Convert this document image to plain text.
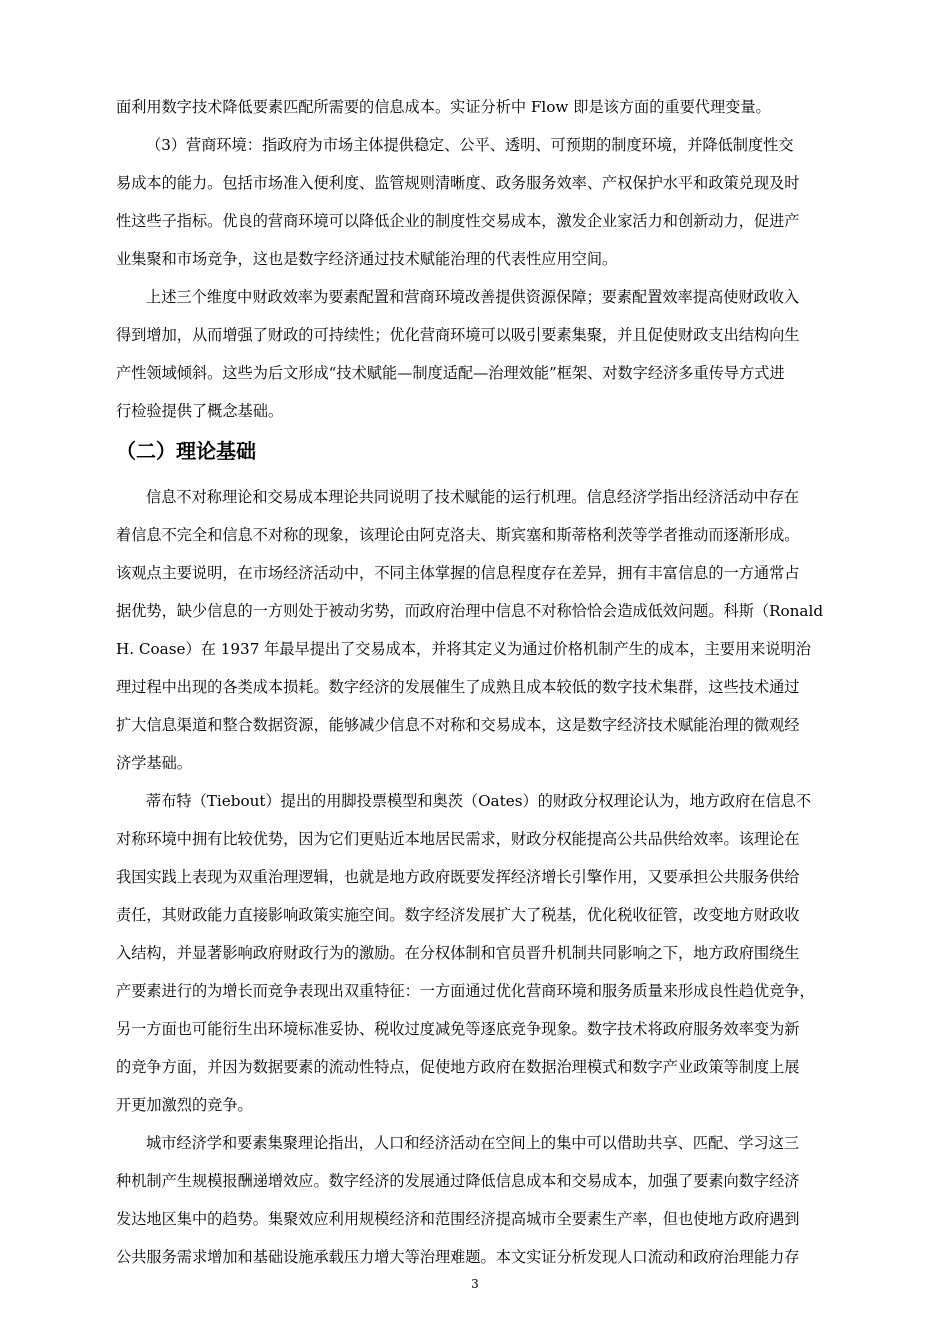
面利用数字技术降低要素匹配所需要的信息成本。实证分析中 Flow 即是该方面的重要代理变量。
（3）营商环境：指政府为市场主体提供稳定、公平、透明、可预期的制度环境，并降低制度性交
易成本的能力。包括市场准入便利度、监管规则清晰度、政务服务效率、产权保护水平和政策兑现及时
性这些子指标。优良的营商环境可以降低企业的制度性交易成本，激发企业家活力和创新动力，促进产
业集聚和市场竞争，这也是数字经济通过技术赋能治理的代表性应用空间。
上述三个维度中财政效率为要素配置和营商环境改善提供资源保障；要素配置效率提高使财政收入
得到增加，从而增强了财政的可持续性；优化营商环境可以吸引要素集聚，并且促使财政支出结构向生
产性领域倾斜。这些为后文形成“技术赋能—制度适配—治理效能”框架、对数字经济多重传导方式进
行检验提供了概念基础。
（二）理论基础
信息不对称理论和交易成本理论共同说明了技术赋能的运行机理。信息经济学指出经济活动中存在
着信息不完全和信息不对称的现象，该理论由阿克洛夫、斯宾塞和斯蒂格利茨等学者推动而逐渐形成。
该观点主要说明，在市场经济活动中，不同主体掌握的信息程度存在差异，拥有丰富信息的一方通常占
据优势，缺少信息的一方则处于被动劣势，而政府治理中信息不对称恰恰会造成低效问题。科斯（Ronald
H. Coase）在 1937 年最早提出了交易成本，并将其定义为通过价格机制产生的成本，主要用来说明治
理过程中出现的各类成本损耗。数字经济的发展催生了成熟且成本较低的数字技术集群，这些技术通过
扩大信息渠道和整合数据资源，能够减少信息不对称和交易成本，这是数字经济技术赋能治理的微观经
济学基础。
蒂布特（Tiebout）提出的用脚投票模型和奥茨（Oates）的财政分权理论认为，地方政府在信息不
对称环境中拥有比较优势，因为它们更贴近本地居民需求，财政分权能提高公共品供给效率。该理论在
我国实践上表现为双重治理逻辑，也就是地方政府既要发挥经济增长引擎作用，又要承担公共服务供给
责任，其财政能力直接影响政策实施空间。数字经济发展扩大了税基，优化税收征管，改变地方财政收
入结构，并显著影响政府财政行为的激励。在分权体制和官员晋升机制共同影响之下，地方政府围绕生
产要素进行的为增长而竞争表现出双重特征：一方面通过优化营商环境和服务质量来形成良性趋优竞争，
另一方面也可能衍生出环境标准妥协、税收过度减免等逐底竞争现象。数字技术将政府服务效率变为新
的竞争方面，并因为数据要素的流动性特点，促使地方政府在数据治理模式和数字产业政策等制度上展
开更加激烈的竞争。
城市经济学和要素集聚理论指出，人口和经济活动在空间上的集中可以借助共享、匹配、学习这三
种机制产生规模报酬递增效应。数字经济的发展通过降低信息成本和交易成本，加强了要素向数字经济
发达地区集中的趋势。集聚效应利用规模经济和范围经济提高城市全要素生产率，但也使地方政府遇到
公共服务需求增加和基础设施承载压力增大等治理难题。本文实证分析发现人口流动和政府治理能力存
3
